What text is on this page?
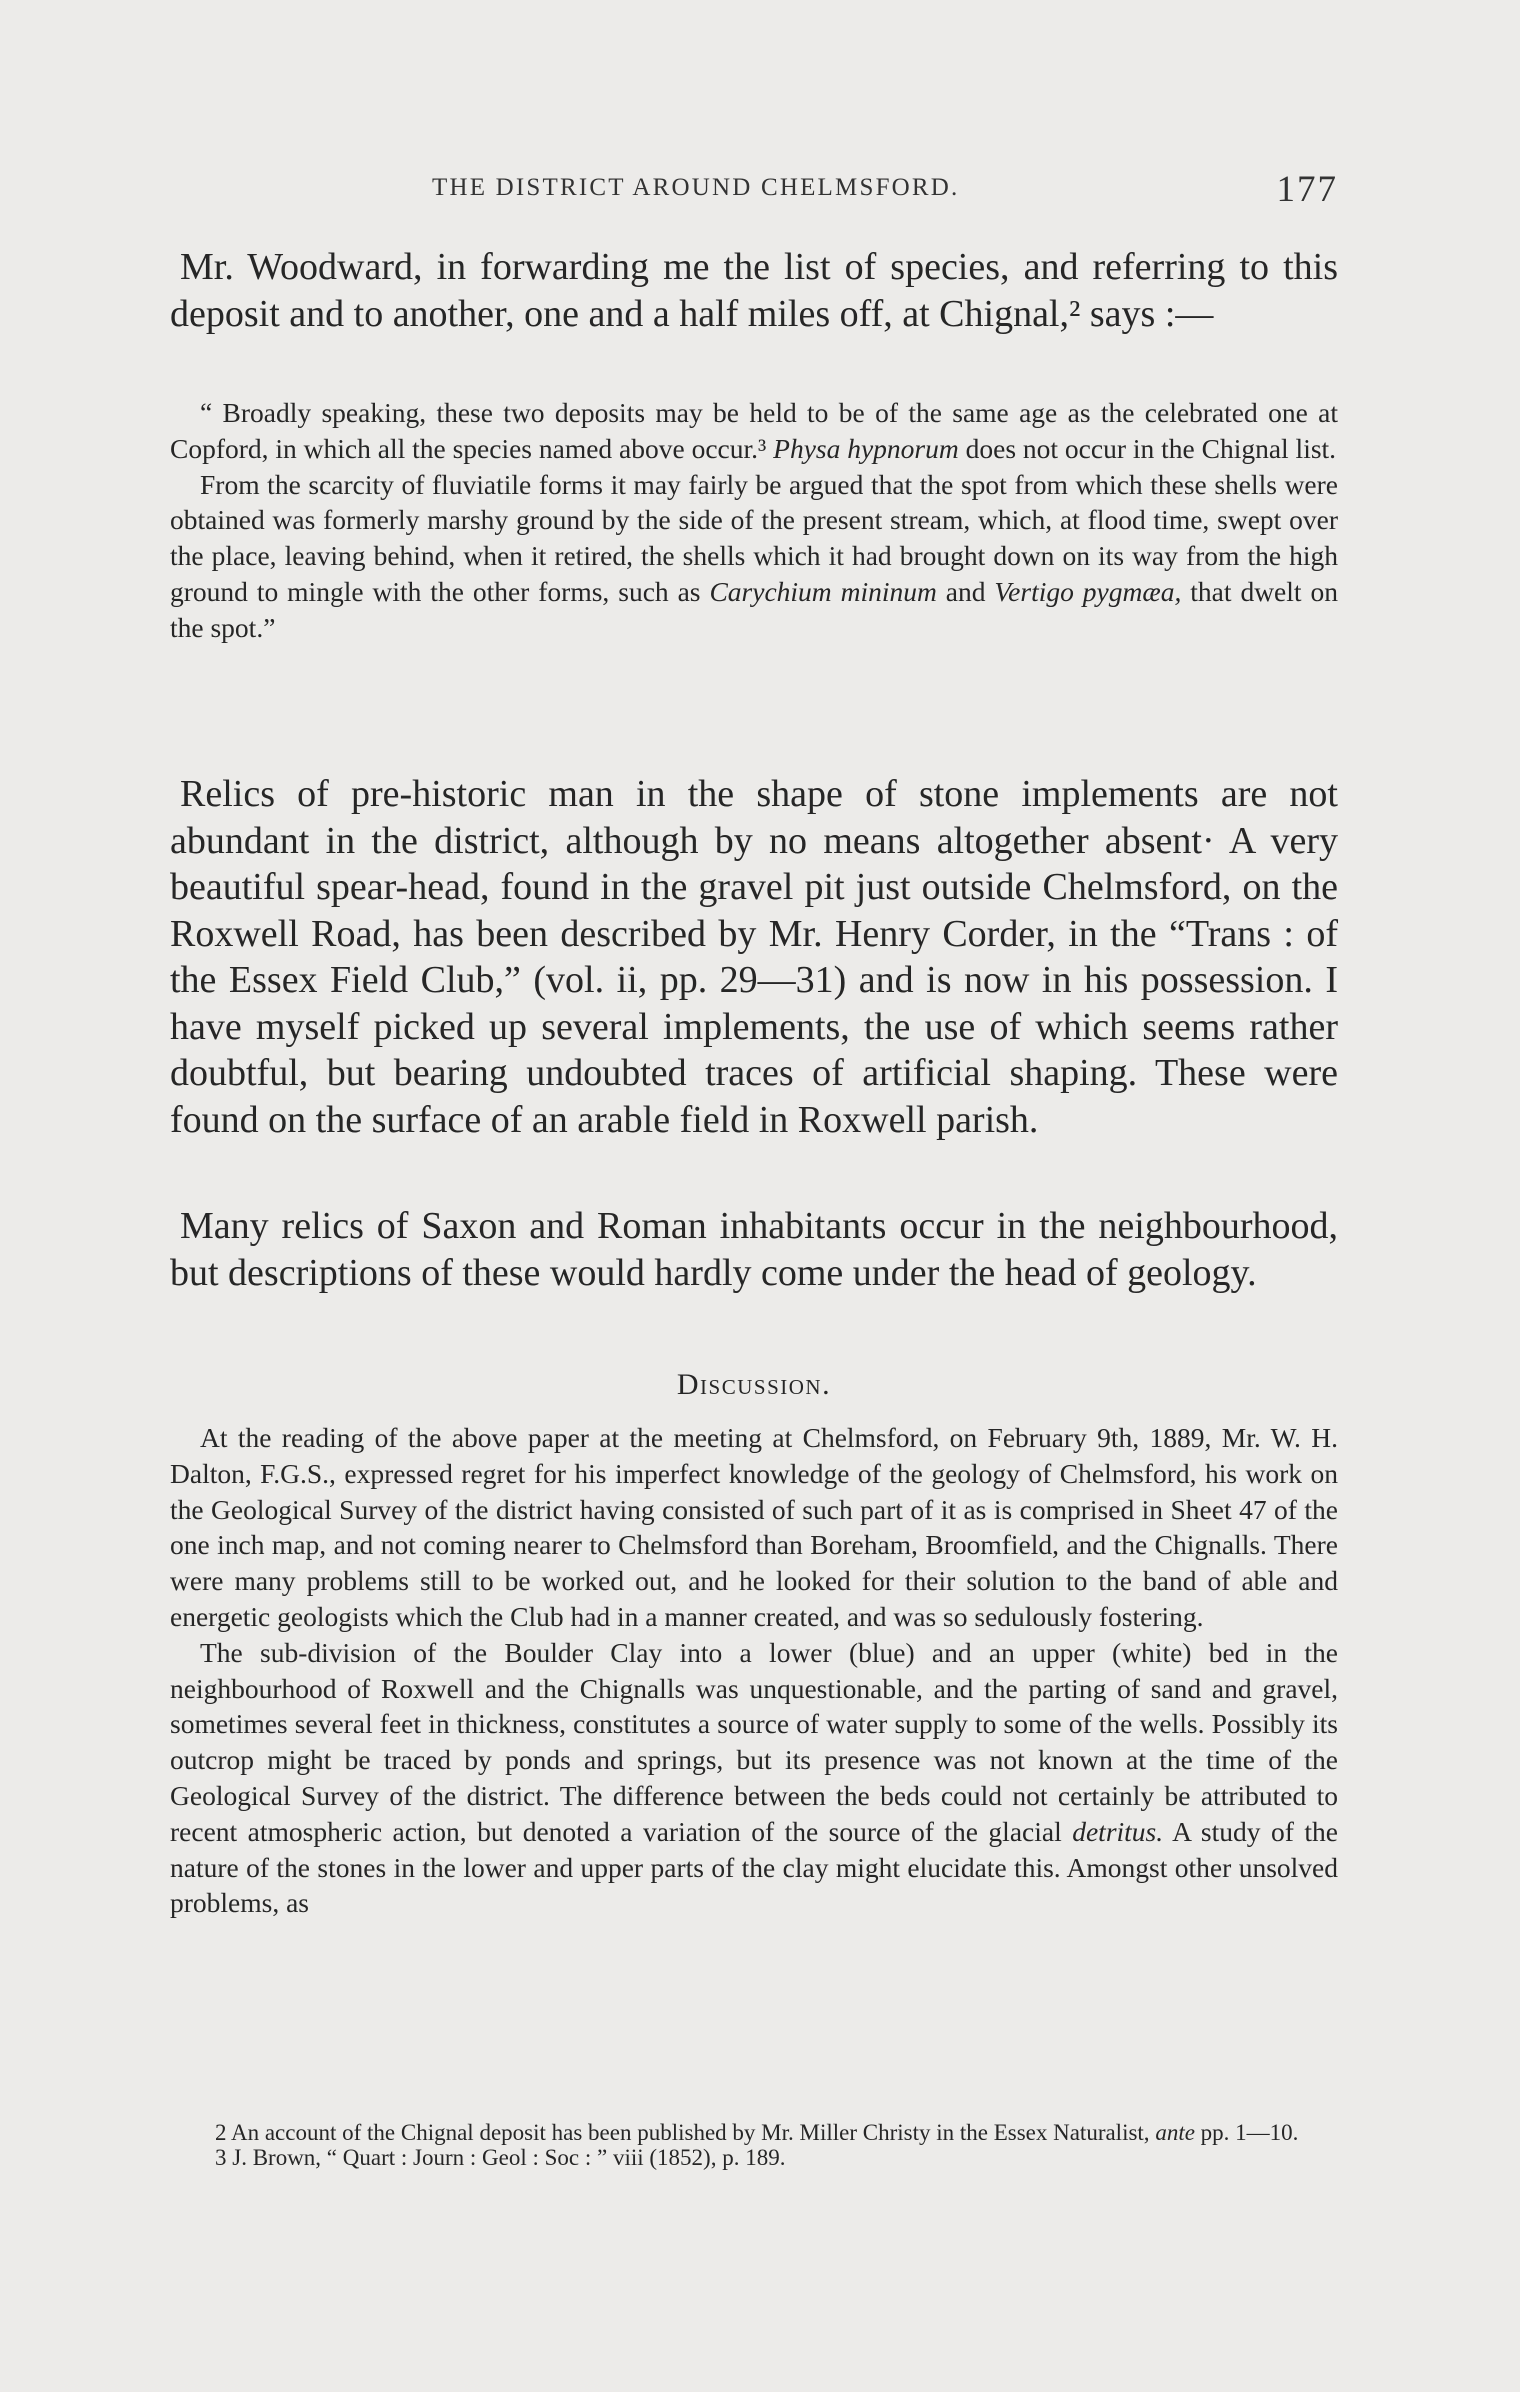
THE DISTRICT AROUND CHELMSFORD.	177

Mr. Woodward, in forwarding me the list of species, and referring to this deposit and to another, one and a half miles off, at Chignal,² says :—

“ Broadly speaking, these two deposits may be held to be of the same age as the celebrated one at Copford, in which all the species named above occur.³ Physa hypnorum does not occur in the Chignal list.

From the scarcity of fluviatile forms it may fairly be argued that the spot from which these shells were obtained was formerly marshy ground by the side of the present stream, which, at flood time, swept over the place, leaving behind, when it retired, the shells which it had brought down on its way from the high ground to mingle with the other forms, such as Carychium mininum and Vertigo pygmæa, that dwelt on the spot.”

Relics of pre-historic man in the shape of stone implements are not abundant in the district, although by no means altogether absent· A very beautiful spear-head, found in the gravel pit just outside Chelmsford, on the Roxwell Road, has been described by Mr. Henry Corder, in the “Trans : of the Essex Field Club,” (vol. ii, pp. 29—31) and is now in his possession. I have myself picked up several implements, the use of which seems rather doubtful, but bearing undoubted traces of artificial shaping. These were found on the surface of an arable field in Roxwell parish.

Many relics of Saxon and Roman inhabitants occur in the neighbourhood, but descriptions of these would hardly come under the head of geology.

Discussion.

At the reading of the above paper at the meeting at Chelmsford, on February 9th, 1889, Mr. W. H. Dalton, F.G.S., expressed regret for his imperfect knowledge of the geology of Chelmsford, his work on the Geological Survey of the district having consisted of such part of it as is comprised in Sheet 47 of the one inch map, and not coming nearer to Chelmsford than Boreham, Broomfield, and the Chignalls. There were many problems still to be worked out, and he looked for their solution to the band of able and energetic geologists which the Club had in a manner created, and was so sedulously fostering.

The sub-division of the Boulder Clay into a lower (blue) and an upper (white) bed in the neighbourhood of Roxwell and the Chignalls was unquestionable, and the parting of sand and gravel, sometimes several feet in thickness, constitutes a source of water supply to some of the wells. Possibly its outcrop might be traced by ponds and springs, but its presence was not known at the time of the Geological Survey of the district. The difference between the beds could not certainly be attributed to recent atmospheric action, but denoted a variation of the source of the glacial detritus. A study of the nature of the stones in the lower and upper parts of the clay might elucidate this. Amongst other unsolved problems, as

2 An account of the Chignal deposit has been published by Mr. Miller Christy in the Essex Naturalist, ante pp. 1—10.

3 J. Brown, “ Quart : Journ : Geol : Soc : ” viii (1852), p. 189.
